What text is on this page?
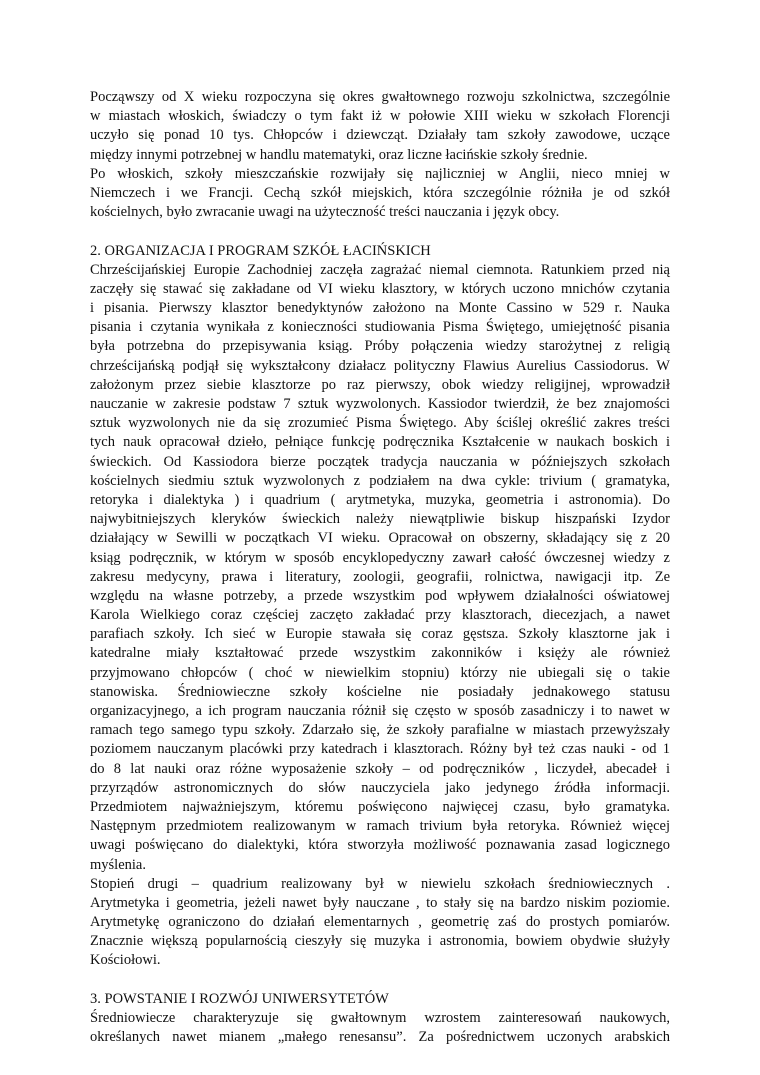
Począwszy od X wieku rozpoczyna się okres gwałtownego rozwoju szkolnictwa, szczególnie
w miastach włoskich, świadczy o tym fakt iż w połowie XIII wieku w szkołach Florencji
uczyło się ponad 10 tys. Chłopców i dziewcząt. Działały tam szkoły zawodowe, uczące
między innymi potrzebnej w handlu matematyki, oraz liczne łacińskie szkoły średnie.
Po włoskich, szkoły mieszczańskie rozwijały się najliczniej w Anglii, nieco mniej w
Niemczech i we Francji. Cechą szkół miejskich, która szczególnie różniła je od szkół
kościelnych, było zwracanie uwagi na użyteczność treści nauczania i język obcy.
2. ORGANIZACJA I PROGRAM SZKÓŁ ŁACIŃSKICH
Chrześcijańskiej Europie Zachodniej zaczęła zagrażać niemal ciemnota. Ratunkiem przed nią
zaczęły się stawać się zakładane od VI wieku klasztory, w których uczono mnichów czytania
i pisania. Pierwszy klasztor benedyktynów założono na Monte Cassino w 529 r. Nauka
pisania i czytania wynikała z konieczności studiowania Pisma Świętego, umiejętność pisania
była potrzebna do przepisywania ksiąg. Próby połączenia wiedzy starożytnej z religią
chrześcijańską podjął się wykształcony działacz polityczny Flawius Aurelius Cassiodorus. W
założonym przez siebie klasztorze po raz pierwszy, obok wiedzy religijnej, wprowadził
nauczanie w zakresie podstaw 7 sztuk wyzwolonych. Kassiodor twierdził, że bez znajomości
sztuk wyzwolonych nie da się zrozumieć Pisma Świętego. Aby ściślej określić zakres treści
tych nauk opracował dzieło, pełniące funkcję podręcznika Kształcenie w naukach boskich i
świeckich. Od Kassiodora bierze początek tradycja nauczania w późniejszych szkołach
kościelnych siedmiu sztuk wyzwolonych z podziałem na dwa cykle: trivium ( gramatyka,
retoryka i dialektyka ) i quadrium ( arytmetyka, muzyka, geometria i astronomia). Do
najwybitniejszych kleryków świeckich należy niewątpliwie biskup hiszpański Izydor
działający w Sewilli w początkach VI wieku. Opracował on obszerny, składający się z 20
ksiąg podręcznik, w którym w sposób encyklopedyczny zawarł całość ówczesnej wiedzy z
zakresu medycyny, prawa i literatury, zoologii, geografii, rolnictwa, nawigacji itp. Ze
względu na własne potrzeby, a przede wszystkim pod wpływem działalności oświatowej
Karola Wielkiego coraz częściej zaczęto zakładać przy klasztorach, diecezjach, a nawet
parafiach szkoły. Ich sieć w Europie stawała się coraz gęstsza. Szkoły klasztorne jak i
katedralne miały kształtować przede wszystkim zakonników i księży ale również
przyjmowano chłopców ( choć w niewielkim stopniu) którzy nie ubiegali się o takie
stanowiska. Średniowieczne szkoły kościelne nie posiadały jednakowego statusu
organizacyjnego, a ich program nauczania różnił się często w sposób zasadniczy i to nawet w
ramach tego samego typu szkoły. Zdarzało się, że szkoły parafialne w miastach przewyższały
poziomem nauczanym placówki przy katedrach i klasztorach. Różny był też czas nauki - od 1
do 8 lat nauki oraz różne wyposażenie szkoły – od podręczników , liczydeł, abecadeł i
przyrządów astronomicznych do słów nauczyciela jako jedynego źródła informacji.
Przedmiotem najważniejszym, któremu poświęcono najwięcej czasu, było gramatyka.
Następnym przedmiotem realizowanym w ramach trivium była retoryka. Również więcej
uwagi poświęcano do dialektyki, która stworzyła możliwość poznawania zasad logicznego
myślenia.
Stopień drugi – quadrium realizowany był w niewielu szkołach średniowiecznych .
Arytmetyka i geometria, jeżeli nawet były nauczane , to stały się na bardzo niskim poziomie.
Arytmetykę ograniczono do działań elementarnych , geometrię zaś do prostych pomiarów.
Znacznie większą popularnością cieszyły się muzyka i astronomia, bowiem obydwie służyły
Kościołowi.
3. POWSTANIE I ROZWÓJ UNIWERSYTETÓW
Średniowiecze charakteryzuje się gwałtownym wzrostem zainteresowań naukowych,
określanych nawet mianem „małego renesansu”. Za pośrednictwem uczonych arabskich
